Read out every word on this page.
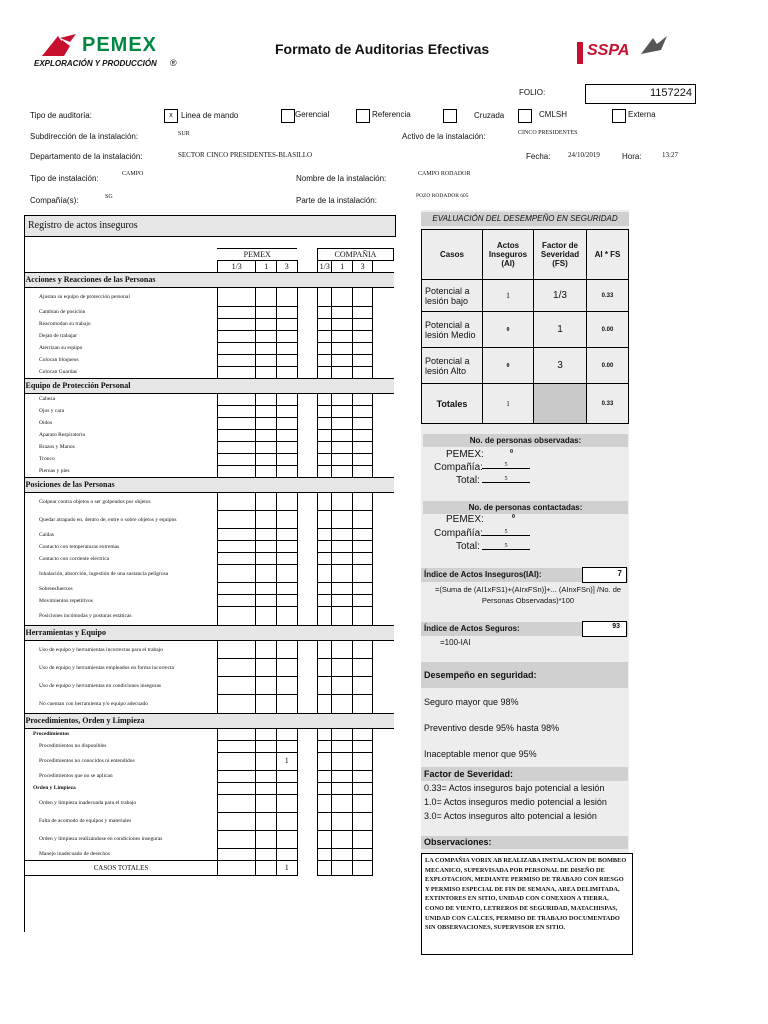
PEMEX
EXPLORACIÓN Y PRODUCCIÓN ®
Formato de Auditorias Efectivas	SSPA
FOLIO:	1157224
Tipo de auditoría:	x	Linea de mando	Gerencial	Referencia	Cruzada	CMLSH	Externa
Subdirección de la instalación:	SUR	Activo de la instalación:	CINCO PRESIDENTES
Departamento de la instalación:	SECTOR CINCO PRESIDENTES-BLASILLO	Fecha:	24/10/2019	Hora:	13:27
Tipo de instalación:	CAMPO	Nombre de la instalación:	CAMPO RODADOR
Compañía(s):	SG	Parte de la instalación:	POZO RODADOR 605
Registro de actos inseguros
	PEMEX				COMPAÑIA		
	1/3	1	3		1/3	1	3
Acciones y Reacciones de las Personas							
Ajustan su equipo de protección personal							
Cambian de posición							
Reacomodan su trabajo							
Dejan de trabajar							
Aterrizan su equipo							
Colocan bloqueos							
Colocan Guardas							
Equipo de Protección Personal							
Cabeza							
Ojos y cara							
Oídos							
Aparato Respiratorio							
Brazos y Manos							
Tronco							
Piernas y pies							
Posiciones de las Personas							
Golpear contra objetos o ser golpeados por objetos							
Quedar atrapado en, dentro de, entre o sobre objetos y equipos							
Caídas							
Contacto con temperaturas extremas							
Contacto con corriente eléctrica							
Inhalación, absorción, ingestión de una sustancia peligrosa							
Sobreesfuerzos							
Movimientos repetitivos							
Posiciones incómodas y posturas estáticas							
Herramientas y Equipo							
Uso de equipo y herramientas incorrectas para el trabajo							
Uso de equipo y herramientas empleados en forma incorrecta							
Uso de equipo y herramientas en condiciones inseguras							
No cuentan con herramienta y/o equipo adecuado							
Procedimientos, Orden y Limpieza							
Procedimientos							
Procedimientos no disponibles							
Procedimientos no conocidos ni entendidos			1				
Procedimientos que no se aplican							
Orden y Limpieza							
Orden y limpieza inadecuada para el trabajo							
Falta de acomodo de equipos y materiales							
Orden y limpieza realizándose en condiciones inseguras							
Manejo inadecuado de desechos							
CASOS TOTALES			1				
EVALUACIÓN DEL DESEMPEÑO EN SEGURIDAD
Casos	Actos Inseguros (AI)	Factor de Severidad (FS)	AI * FS
Potencial a lesión bajo	1	1/3	0.33
Potencial a lesión Medio	0	1	0.00
Potencial a lesión Alto	0	3	0.00
Totales	1		0.33
No. de personas observadas:
PEMEX:	0
Compañía:	5
Total:	5
No. de personas contactadas:
PEMEX:	0
Compañía:	5
Total:	5
Índice de Actos Inseguros(IAI):	7
=(Suma de (AI1xFS1)+(AIrxFSn)]+... (AInxFSn)] /No. de Personas Observadas)*100
Índice de Actos Seguros:	93
=100-IAI
Desempeño en seguridad:
Seguro mayor que 98%
Preventivo desde 95% hasta 98%
Inaceptable menor que 95%
Factor de Severidad:
0.33= Actos inseguros bajo potencial a lesión
1.0= Actos inseguros medio potencial a lesión
3.0= Actos inseguros alto potencial a lesión
Observaciones:
LA COMPAÑIA VORIX AB REALIZABA INSTALACION DE BOMBEO MECANICO, SUPERVISADA POR PERSONAL DE DISEÑO DE EXPLOTACION, MEDIANTE PERMISO DE TRABAJO CON RIESGO Y PERMISO ESPECIAL DE FIN DE SEMANA, AREA DELIMITADA, EXTINTORES EN SITIO, UNIDAD CON CONEXION A TIERRA, CONO DE VIENTO, LETREROS DE SEGURIDAD, MATACHISPAS, UNIDAD CON CALCES, PERMISO DE TRABAJO DOCUMENTADO SIN OBSERVACIONES, SUPERVISOR EN SITIO.
